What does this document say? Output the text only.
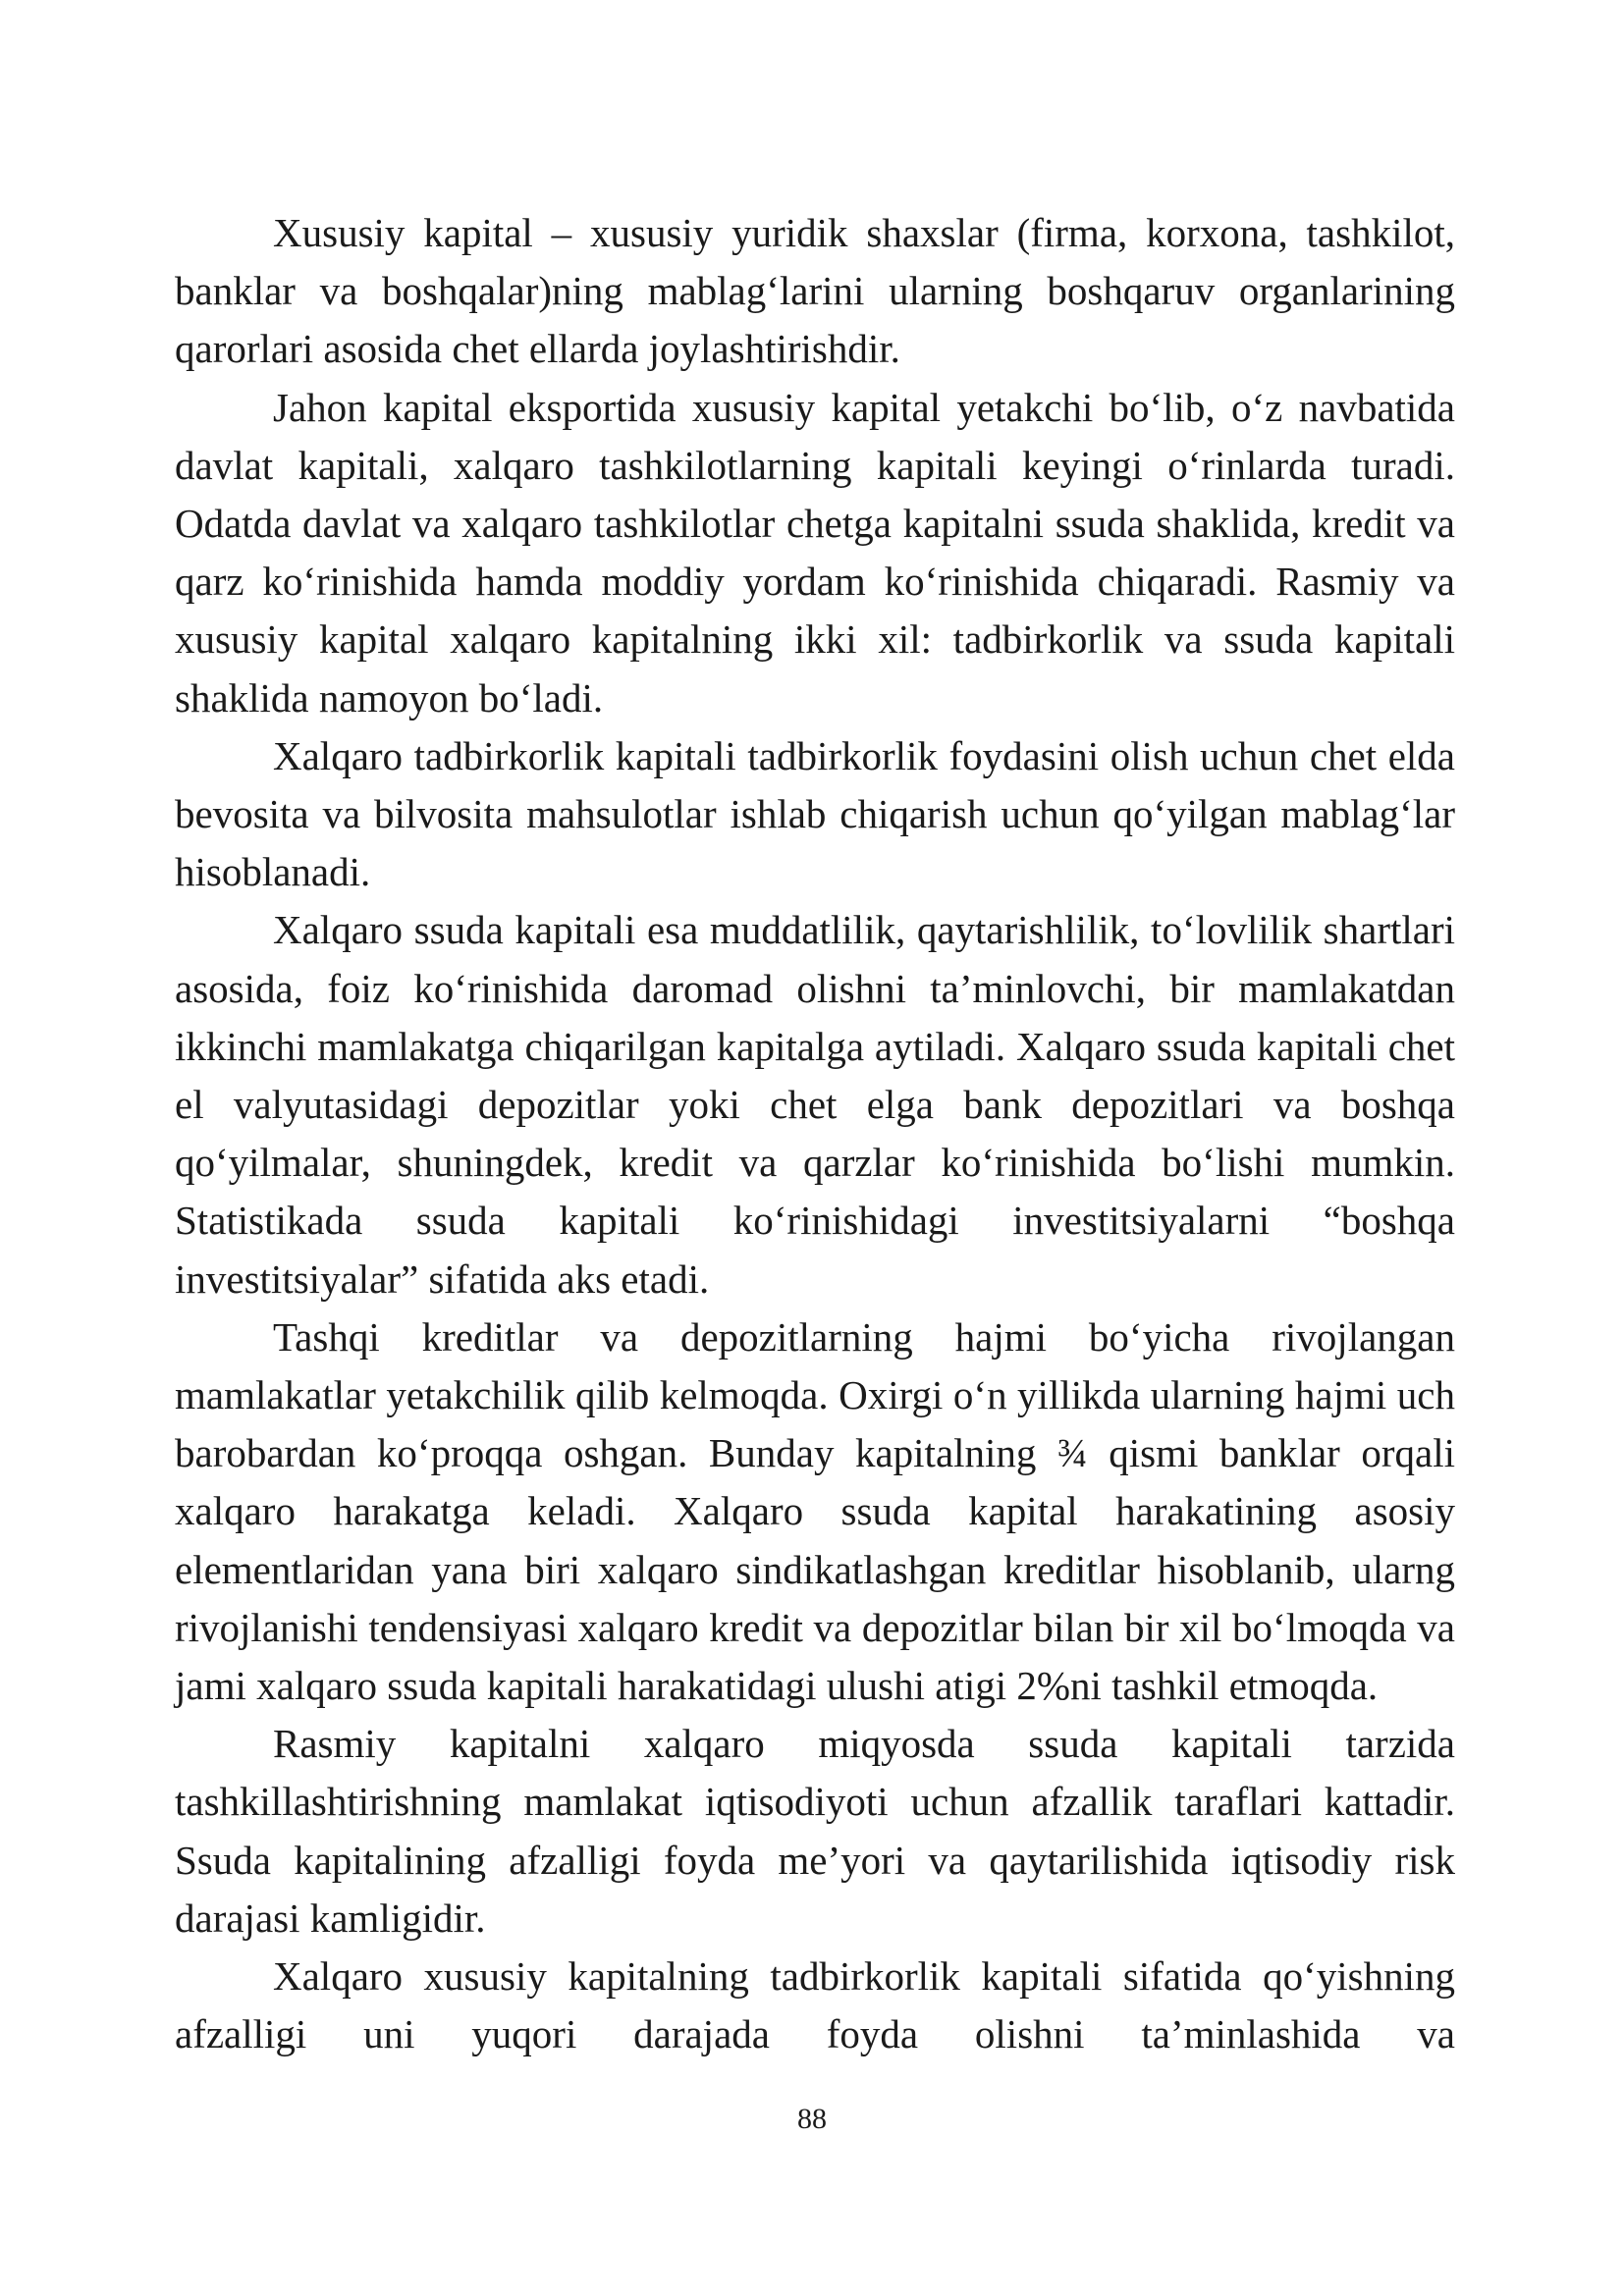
Xususiy kapital – xususiy yuridik shaxslar (firma, korxona, tashkilot, banklar va boshqalar)ning mablag‘larini ularning boshqaruv organlarining qarorlari asosida chet ellarda joylashtirishdir.

Jahon kapital eksportida xususiy kapital yetakchi bo‘lib, o‘z navbatida davlat kapitali, xalqaro tashkilotlarning kapitali keyingi o‘rinlarda turadi. Odatda davlat va xalqaro tashkilotlar chetga kapitalni ssuda shaklida, kredit va qarz ko‘rinishida hamda moddiy yordam ko‘rinishida chiqaradi. Rasmiy va xususiy kapital xalqaro kapitalning ikki xil: tadbirkorlik va ssuda kapitali shaklida namoyon bo‘ladi.

Xalqaro tadbirkorlik kapitali tadbirkorlik foydasini olish uchun chet elda bevosita va bilvosita mahsulotlar ishlab chiqarish uchun qo‘yilgan mablag‘lar hisoblanadi.

Xalqaro ssuda kapitali esa muddatlilik, qaytarishlilik, to‘lovlilik shartlari asosida, foiz ko‘rinishida daromad olishni ta’minlovchi, bir mamlakatdan ikkinchi mamlakatga chiqarilgan kapitalga aytiladi. Xalqaro ssuda kapitali chet el valyutasidagi depozitlar yoki chet elga bank depozitlari va boshqa qo‘yilmalar, shuningdek, kredit va qarzlar ko‘rinishida bo‘lishi mumkin. Statistikada ssuda kapitali ko‘rinishidagi investitsiyalarni “boshqa investitsiyalar” sifatida aks etadi.

Tashqi kreditlar va depozitlarning hajmi bo‘yicha rivojlangan mamlakatlar yetakchilik qilib kelmoqda. Oxirgi o‘n yillikda ularning hajmi uch barobardan ko‘proqqa oshgan. Bunday kapitalning ¾ qismi banklar orqali xalqaro harakatga keladi. Xalqaro ssuda kapital harakatining asosiy elementlaridan yana biri xalqaro sindikatlashgan kreditlar hisoblanib, ularng rivojlanishi tendensiyasi xalqaro kredit va depozitlar bilan bir xil bo‘lmoqda va jami xalqaro ssuda kapitali harakatidagi ulushi atigi 2%ni tashkil etmoqda.

Rasmiy kapitalni xalqaro miqyosda ssuda kapitali tarzida tashkillashtirishning mamlakat iqtisodiyoti uchun afzallik taraflari kattadir. Ssuda kapitalining afzalligi foyda me’yori va qaytarilishida iqtisodiy risk darajasi kamligidir.

Xalqaro xususiy kapitalning tadbirkorlik kapitali sifatida qo‘yishning afzalligi uni yuqori darajada foyda olishni ta’minlashida va

88
